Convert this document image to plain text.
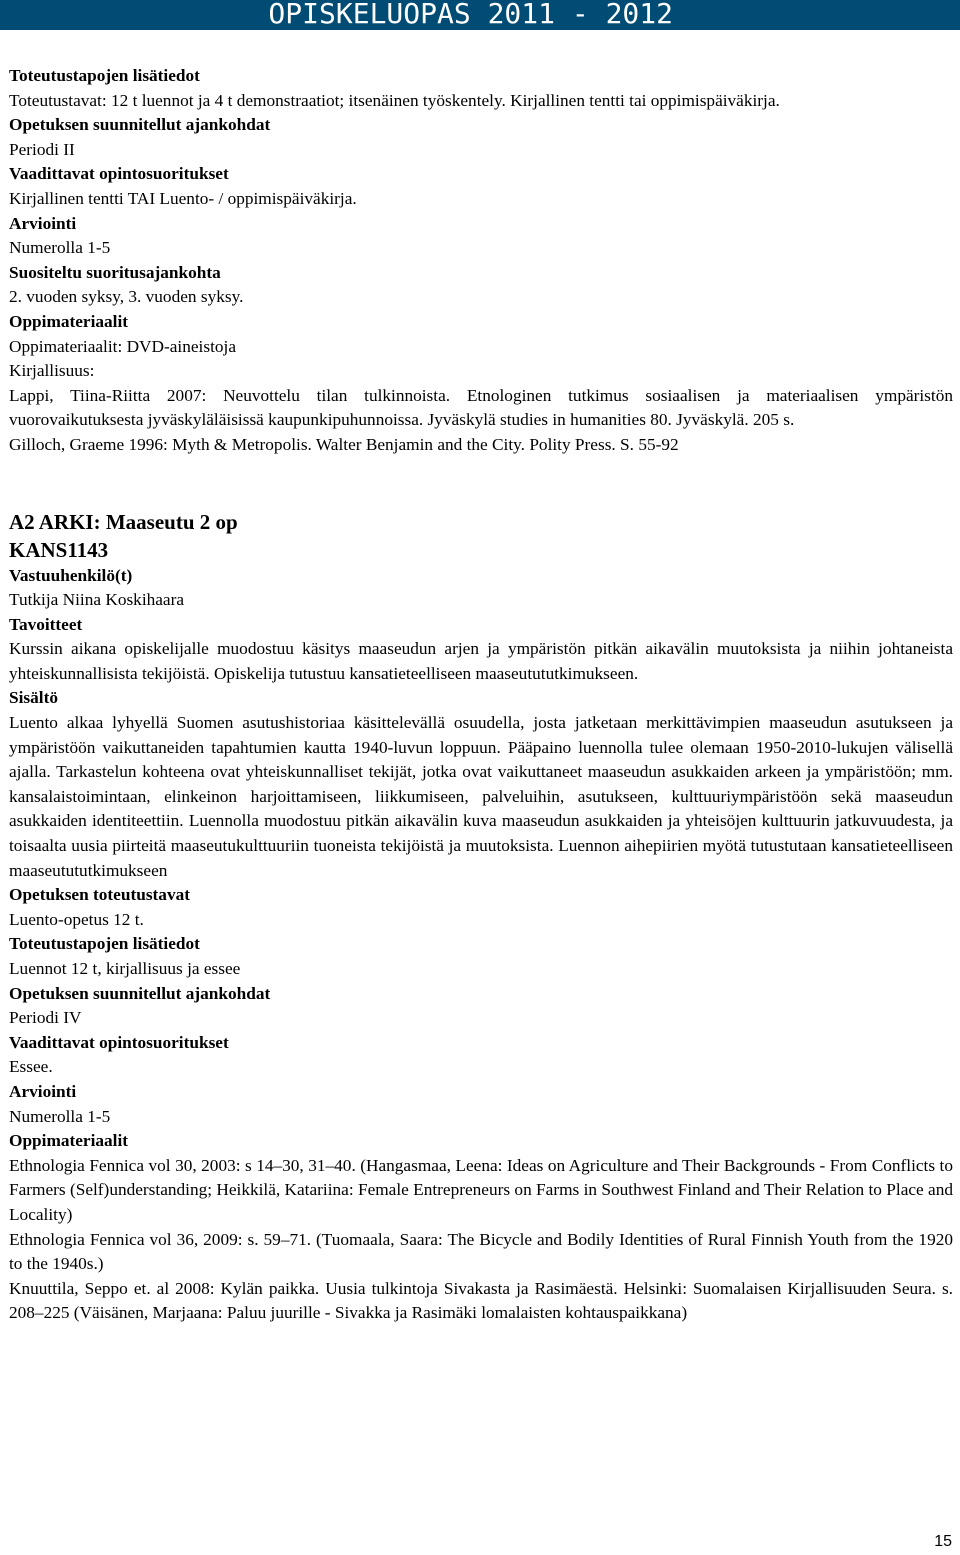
OPISKELUOPAS 2011 - 2012

Toteutustapojen lisätiedot

Toteutustavat: 12 t luennot ja 4 t demonstraatiot; itsenäinen työskentely. Kirjallinen tentti tai oppimispäiväkirja.

Opetuksen suunnitellut ajankohdat

Periodi II

Vaadittavat opintosuoritukset

Kirjallinen tentti TAI Luento- / oppimispäiväkirja.

Arviointi

Numerolla 1-5

Suositeltu suoritusajankohta

2. vuoden syksy, 3. vuoden syksy.

Oppimateriaalit

Oppimateriaalit: DVD-aineistoja

Kirjallisuus:

Lappi, Tiina-Riitta 2007: Neuvottelu tilan tulkinnoista. Etnologinen tutkimus sosiaalisen ja materiaalisen ympäristön vuorovaikutuksesta jyväskyläläisissä kaupunkipuhunnoissa. Jyväskylä studies in humanities 80. Jyväskylä. 205 s.

Gilloch, Graeme 1996: Myth & Metropolis. Walter Benjamin and the City. Polity Press. S. 55-92

A2 ARKI: Maaseutu 2 op

KANS1143

Vastuuhenkilö(t)

Tutkija Niina Koskihaara

Tavoitteet

Kurssin aikana opiskelijalle muodostuu käsitys maaseudun arjen ja ympäristön pitkän aikavälin muutoksista ja niihin johtaneista yhteiskunnallisista tekijöistä. Opiskelija tutustuu kansatieteelliseen maaseutututkimukseen.

Sisältö

Luento alkaa lyhyellä Suomen asutushistoriaa käsittelevällä osuudella, josta jatketaan merkittävimpien maaseudun asutukseen ja ympäristöön vaikuttaneiden tapahtumien kautta 1940-luvun loppuun. Pääpaino luennolla tulee olemaan 1950-2010-lukujen välisellä ajalla. Tarkastelun kohteena ovat yhteiskunnalliset tekijät, jotka ovat vaikuttaneet maaseudun asukkaiden arkeen ja ympäristöön; mm. kansalaistoimintaan, elinkeinon harjoittamiseen, liikkumiseen, palveluihin, asutukseen, kulttuuriympäristöön sekä maaseudun asukkaiden identiteettiin. Luennolla muodostuu pitkän aikavälin kuva maaseudun asukkaiden ja yhteisöjen kulttuurin jatkuvuudesta, ja toisaalta uusia piirteitä maaseutukulttuuriin tuoneista tekijöistä ja muutoksista. Luennon aihepiirien myötä tutustutaan kansatieteelliseen maaseutututkimukseen

Opetuksen toteutustavat

Luento-opetus 12 t.

Toteutustapojen lisätiedot

Luennot 12 t, kirjallisuus ja essee

Opetuksen suunnitellut ajankohdat

Periodi IV

Vaadittavat opintosuoritukset

Essee.

Arviointi

Numerolla 1-5

Oppimateriaalit

Ethnologia Fennica vol 30, 2003: s 14–30, 31–40. (Hangasmaa, Leena: Ideas on Agriculture and Their Backgrounds - From Conflicts to Farmers (Self)understanding; Heikkilä, Katariina: Female Entrepreneurs on Farms in Southwest Finland and Their Relation to Place and Locality)

Ethnologia Fennica vol 36, 2009: s. 59–71. (Tuomaala, Saara: The Bicycle and Bodily Identities of Rural Finnish Youth from the 1920 to the 1940s.)

Knuuttila, Seppo et. al 2008: Kylän paikka. Uusia tulkintoja Sivakasta ja Rasimäestä. Helsinki: Suomalaisen Kirjallisuuden Seura. s. 208–225 (Väisänen, Marjaana: Paluu juurille - Sivakka ja Rasimäki lomalaisten kohtauspaikkana)

15
